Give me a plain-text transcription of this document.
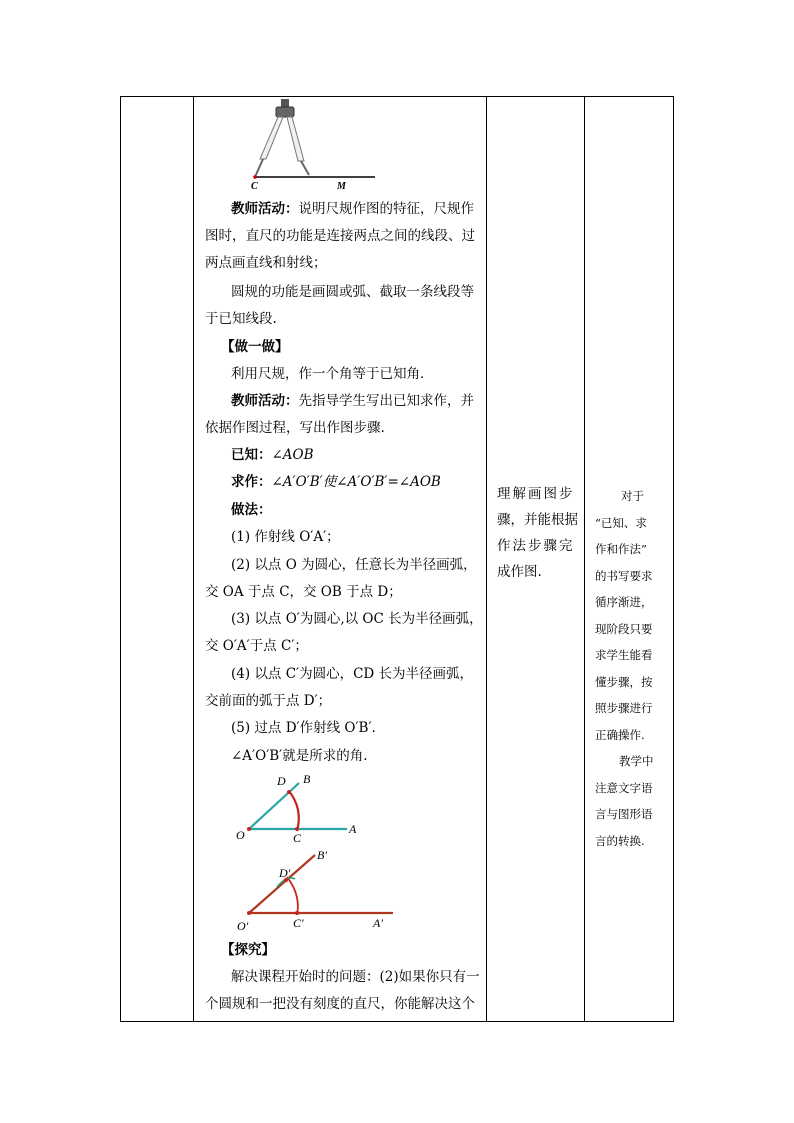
C	M
教师活动：说明尺规作图的特征，尺规作
图时，直尺的功能是连接两点之间的线段、过
两点画直线和射线；
圆规的功能是画圆或弧、截取一条线段等
于已知线段.
【做一做】
利用尺规，作一个角等于已知角．
教师活动：先指导学生写出已知求作，并
依据作图过程，写出作图步骤.
已知：∠AOB
求作：∠A′O′B′使∠A′O′B′=∠AOB
做法：
(1) 作射线 O′A′；
(2) 以点 O 为圆心，任意长为半径画弧，
交 OA 于点 C，交 OB 于点 D；
(3) 以点 O′为圆心,以 OC 长为半径画弧，
交 O′A′于点 C′；
(4) 以点 C′为圆心，CD 长为半径画弧，
交前面的弧于点 D′；
(5) 过点 D′作射线 O′B′.
∠A′O′B′就是所求的角.
D B
O	C
A
B′
D′
O′	C′	A′
【探究】
解决课程开始时的问题：(2)如果你只有一
个圆规和一把没有刻度的直尺，你能解决这个
理解画图步
骤，并能根据
作法步骤完
成作图.
对于
“已知、求
作和作法”
的书写要求
循序渐进，
现阶段只要
求学生能看
懂步骤，按
照步骤进行
正确操作.
教学中
注意文字语
言与图形语
言的转换.
